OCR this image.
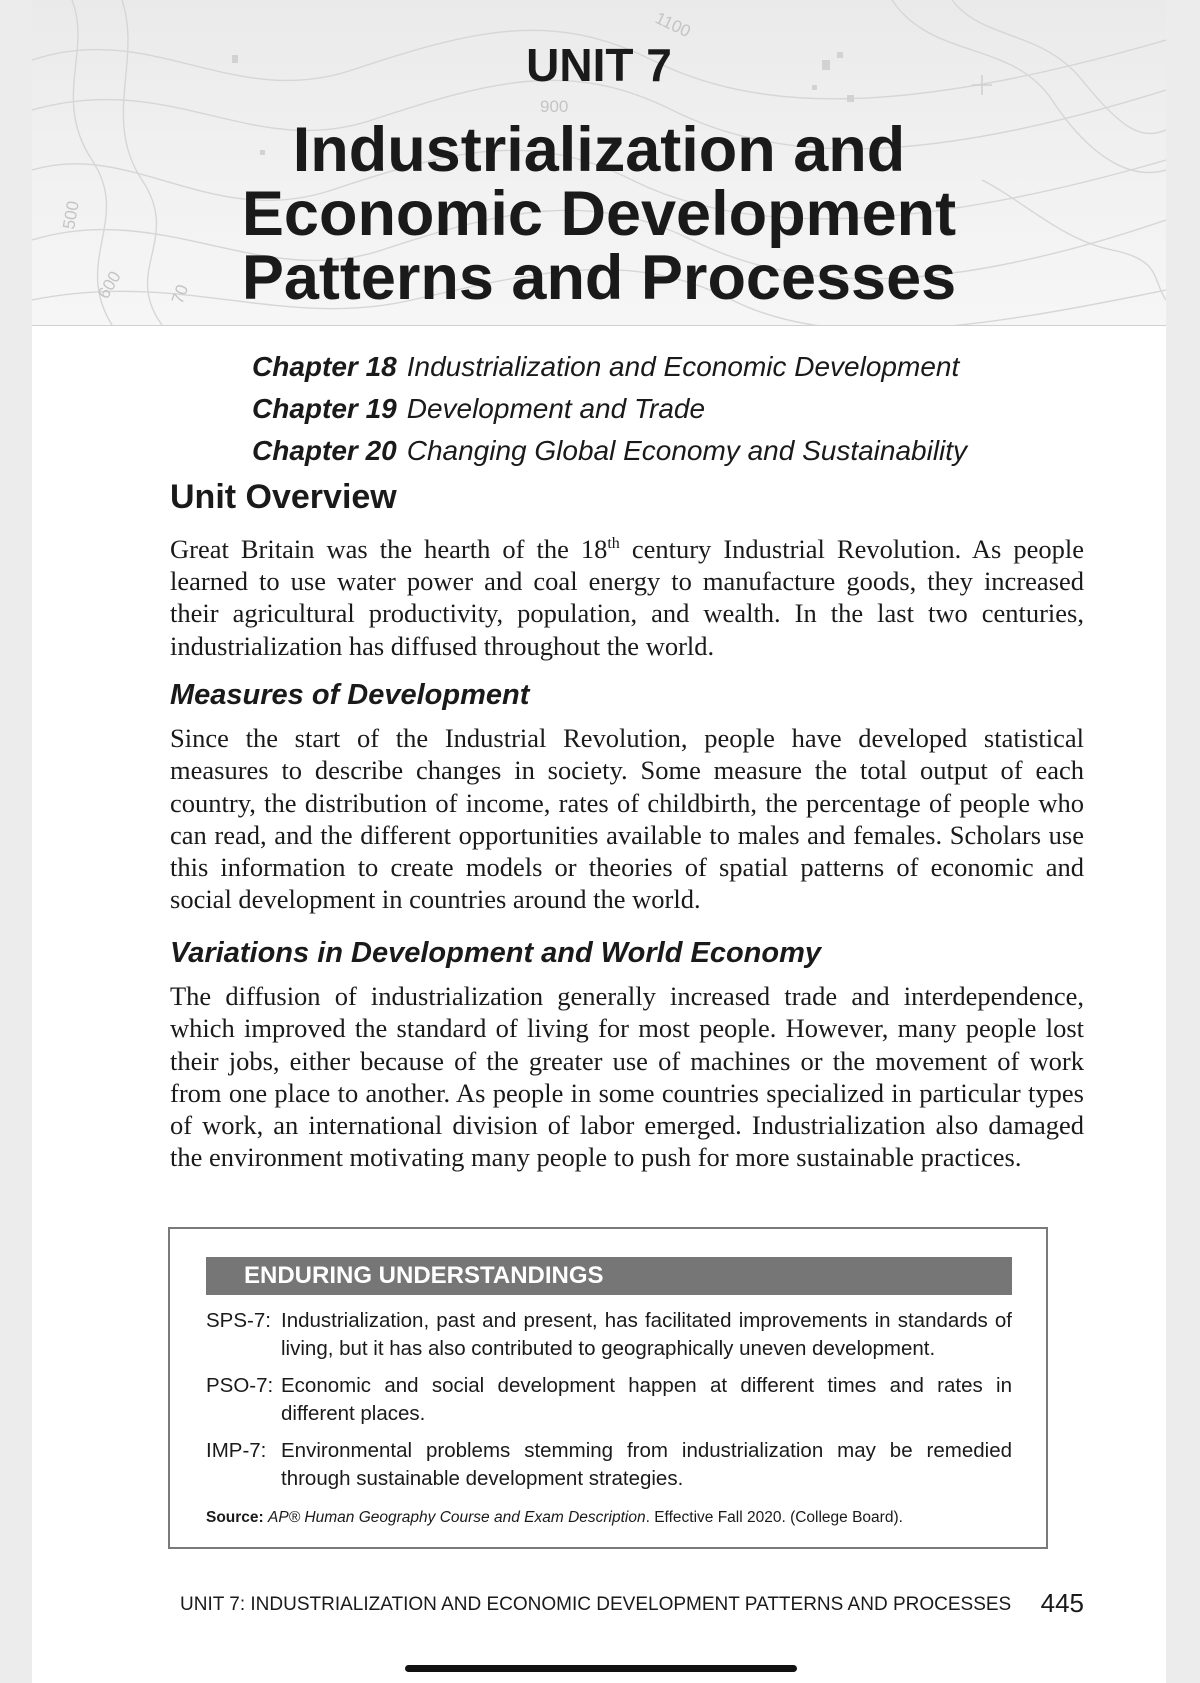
1100
900
500
600	70
UNIT 7
Industrialization and
Economic Development
Patterns and Processes
Chapter 18 Industrialization and Economic Development
Chapter 19 Development and Trade
Chapter 20 Changing Global Economy and Sustainability
Unit Overview
Great Britain was the hearth of the 18th century Industrial Revolution. As people learned to use water power and coal energy to manufacture goods, they increased their agricultural productivity, population, and wealth. In the last two centuries, industrialization has diffused throughout the world.
Measures of Development
Since the start of the Industrial Revolution, people have developed statistical measures to describe changes in society. Some measure the total output of each country, the distribution of income, rates of childbirth, the percentage of people who can read, and the different opportunities available to males and females. Scholars use this information to create models or theories of spatial patterns of economic and social development in countries around the world.
Variations in Development and World Economy
The diffusion of industrialization generally increased trade and interdependence, which improved the standard of living for most people. However, many people lost their jobs, either because of the greater use of machines or the movement of work from one place to another. As people in some countries specialized in particular types of work, an international division of labor emerged. Industrialization also damaged the environment motivating many people to push for more sustainable practices.
ENDURING UNDERSTANDINGS
SPS-7: Industrialization, past and present, has facilitated improvements in standards of living, but it has also contributed to geographically uneven development.
PSO-7: Economic and social development happen at different times and rates in different places.
IMP-7: Environmental problems stemming from industrialization may be remedied through sustainable development strategies.
Source: AP® Human Geography Course and Exam Description. Effective Fall 2020. (College Board).
UNIT 7: INDUSTRIALIZATION AND ECONOMIC DEVELOPMENT PATTERNS AND PROCESSES 445
